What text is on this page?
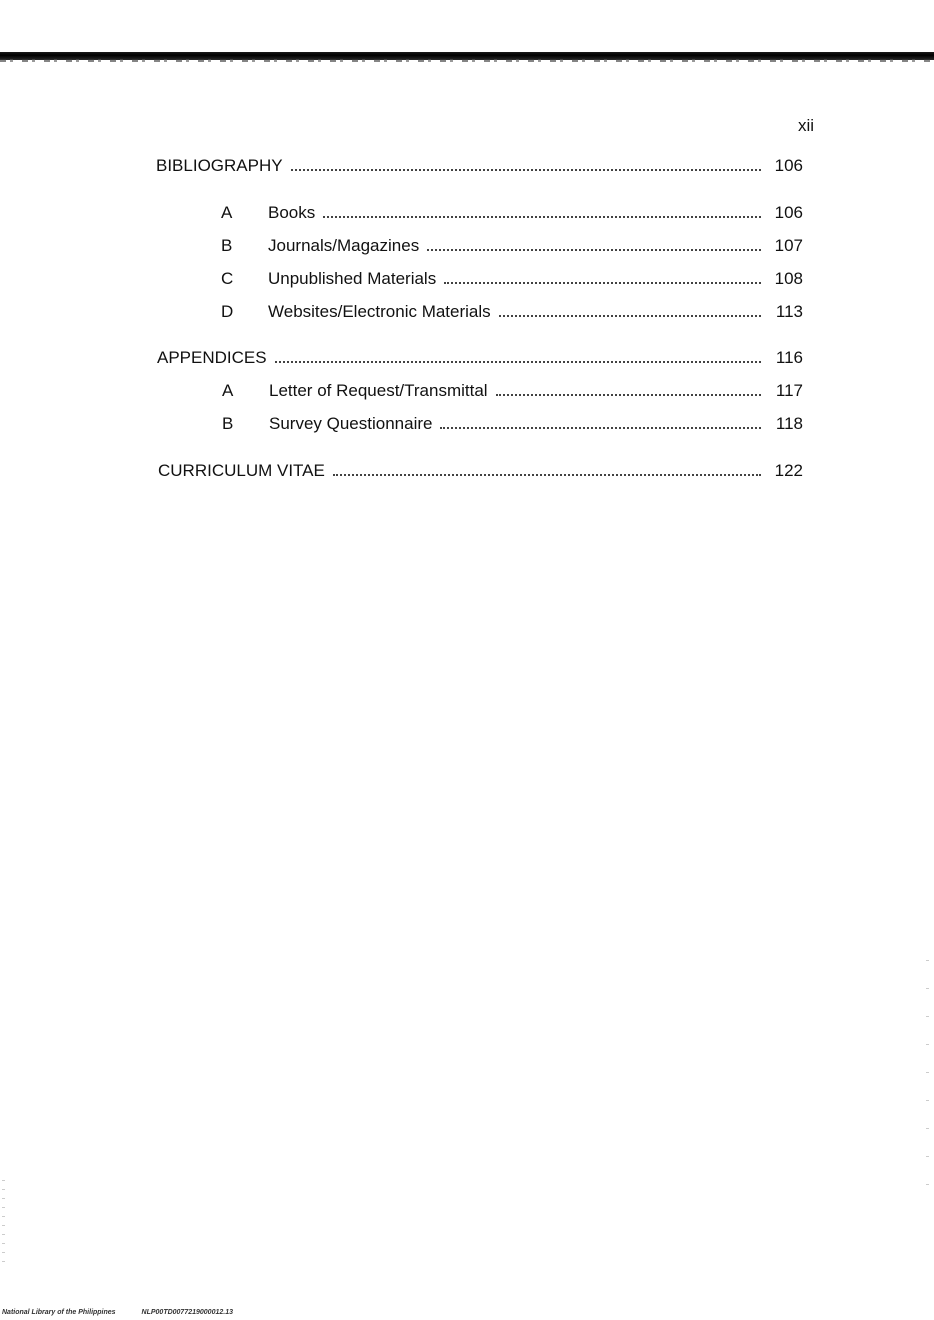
xii
BIBLIOGRAPHY	106
A Books	106
B Journals/Magazines	107
C Unpublished Materials	108
D Websites/Electronic Materials	113
APPENDICES	116
A Letter of Request/Transmittal	117
B Survey Questionnaire	118
CURRICULUM VITAE	122
National Library of the Philippines	NLP00TD0077219000012.13
